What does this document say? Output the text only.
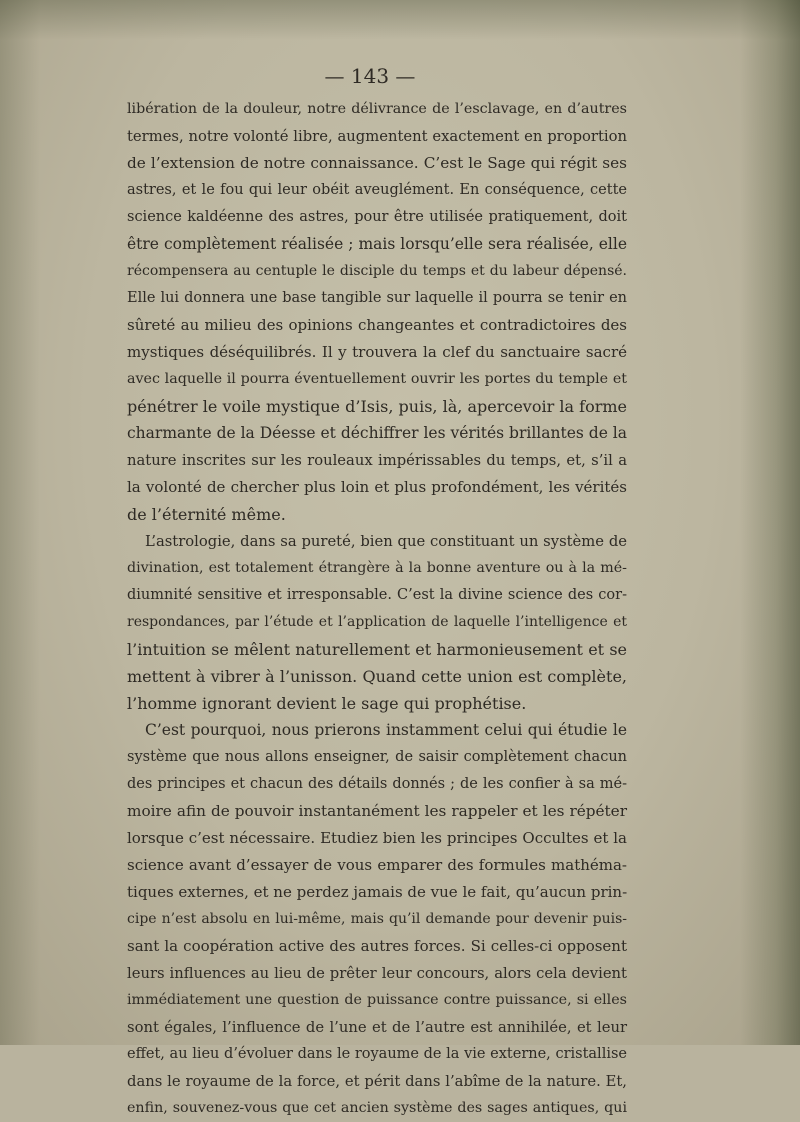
— 143 —
libération de la douleur, notre délivrance de l’esclavage, en d’autres
termes, notre volonté libre, augmentent exactement en proportion
de l’extension de notre connaissance. C’est le Sage qui régit ses
astres, et le fou qui leur obéit aveuglément. En conséquence, cette
science kaldéenne des astres, pour être utilisée pratiquement, doit
être complètement réalisée ; mais lorsqu’elle sera réalisée, elle
récompensera au centuple le disciple du temps et du labeur dépensé.
Elle lui donnera une base tangible sur laquelle il pourra se tenir en
sûreté au milieu des opinions changeantes et contradictoires des
mystiques déséquilibrés. Il y trouvera la clef du sanctuaire sacré
avec laquelle il pourra éventuellement ouvrir les portes du temple et
pénétrer le voile mystique d’Isis, puis, là, apercevoir la forme
charmante de la Déesse et déchiffrer les vérités brillantes de la
nature inscrites sur les rouleaux impérissables du temps, et, s’il a
la volonté de chercher plus loin et plus profondément, les vérités
de l’éternité même.
L’astrologie, dans sa pureté, bien que constituant un système de
divination, est totalement étrangère à la bonne aventure ou à la mé-
diumnité sensitive et irresponsable. C’est la divine science des cor-
respondances, par l’étude et l’application de laquelle l’intelligence et
l’intuition se mêlent naturellement et harmonieusement et se
mettent à vibrer à l’unisson. Quand cette union est complète,
l’homme ignorant devient le sage qui prophétise.
C’est pourquoi, nous prierons instamment celui qui étudie le
système que nous allons enseigner, de saisir complètement chacun
des principes et chacun des détails donnés ; de les confier à sa mé-
moire afin de pouvoir instantanément les rappeler et les répéter
lorsque c’est nécessaire. Etudiez bien les principes Occultes et la
science avant d’essayer de vous emparer des formules mathéma-
tiques externes, et ne perdez jamais de vue le fait, qu’aucun prin-
cipe n’est absolu en lui-même, mais qu’il demande pour devenir puis-
sant la coopération active des autres forces. Si celles-ci opposent
leurs influences au lieu de prêter leur concours, alors cela devient
immédiatement une question de puissance contre puissance, si elles
sont égales, l’influence de l’une et de l’autre est annihilée, et leur
effet, au lieu d’évoluer dans le royaume de la vie externe, cristallise
dans le royaume de la force, et périt dans l’abîme de la nature. Et,
enfin, souvenez-vous que cet ancien système des sages antiques, qui
